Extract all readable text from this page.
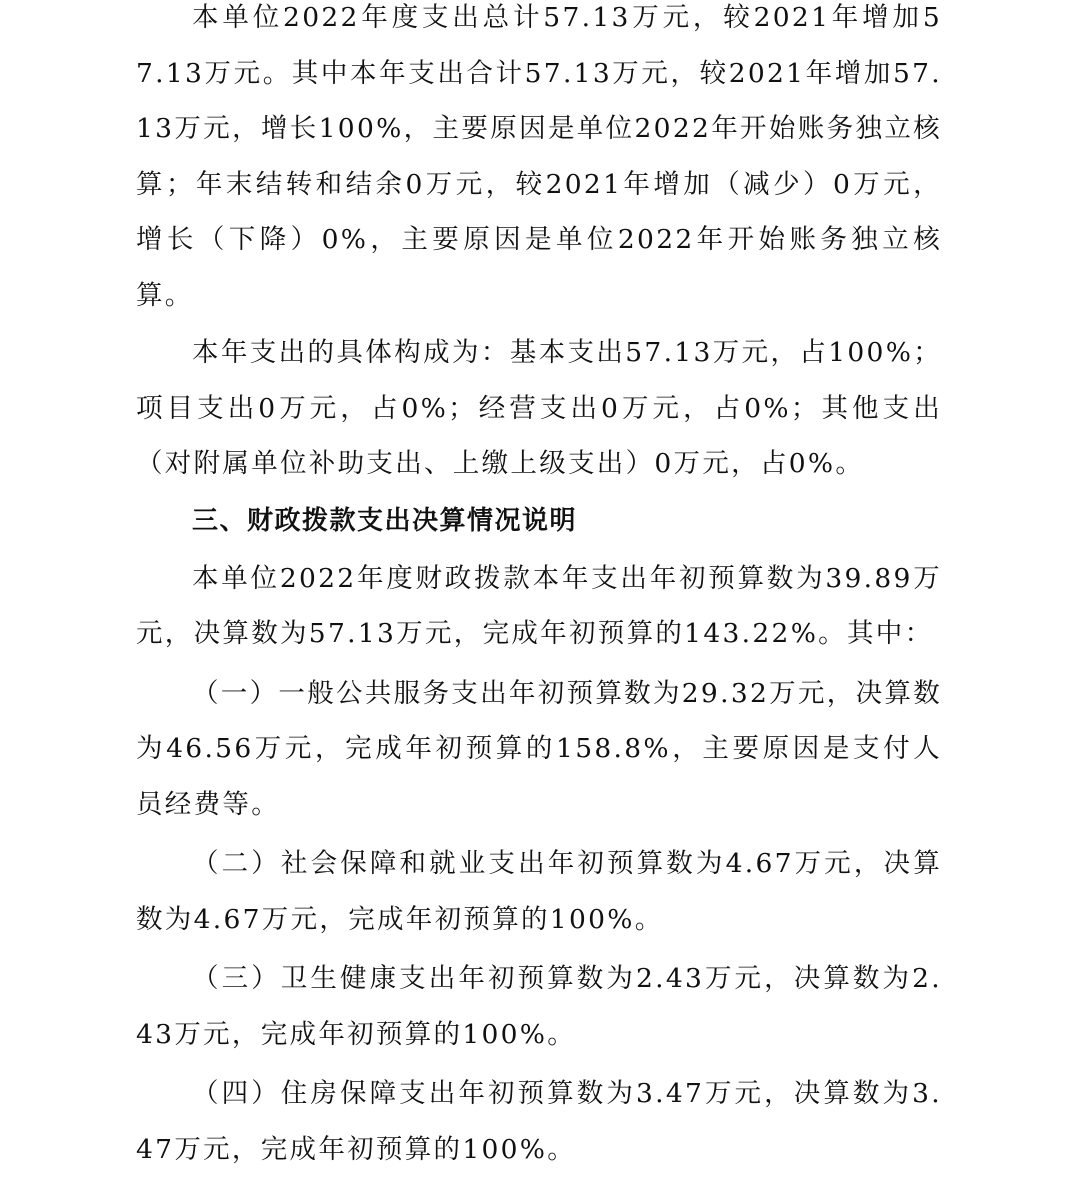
本单位2022年度支出总计57.13万元，较2021年增加57.13万元。其中本年支出合计57.13万元，较2021年增加57.13万元，增长100%，主要原因是单位2022年开始账务独立核算；年末结转和结余0万元，较2021年增加（减少）0万元，增长（下降）0%，主要原因是单位2022年开始账务独立核算。

本年支出的具体构成为：基本支出57.13万元，占100%；项目支出0万元，占0%；经营支出0万元，占0%；其他支出（对附属单位补助支出、上缴上级支出）0万元，占0%。

三、财政拨款支出决算情况说明

本单位2022年度财政拨款本年支出年初预算数为39.89万元，决算数为57.13万元，完成年初预算的143.22%。其中：

（一）一般公共服务支出年初预算数为29.32万元，决算数为46.56万元，完成年初预算的158.8%，主要原因是支付人员经费等。

（二）社会保障和就业支出年初预算数为4.67万元，决算数为4.67万元，完成年初预算的100%。

（三）卫生健康支出年初预算数为2.43万元，决算数为2.43万元，完成年初预算的100%。

（四）住房保障支出年初预算数为3.47万元，决算数为3.47万元，完成年初预算的100%。
